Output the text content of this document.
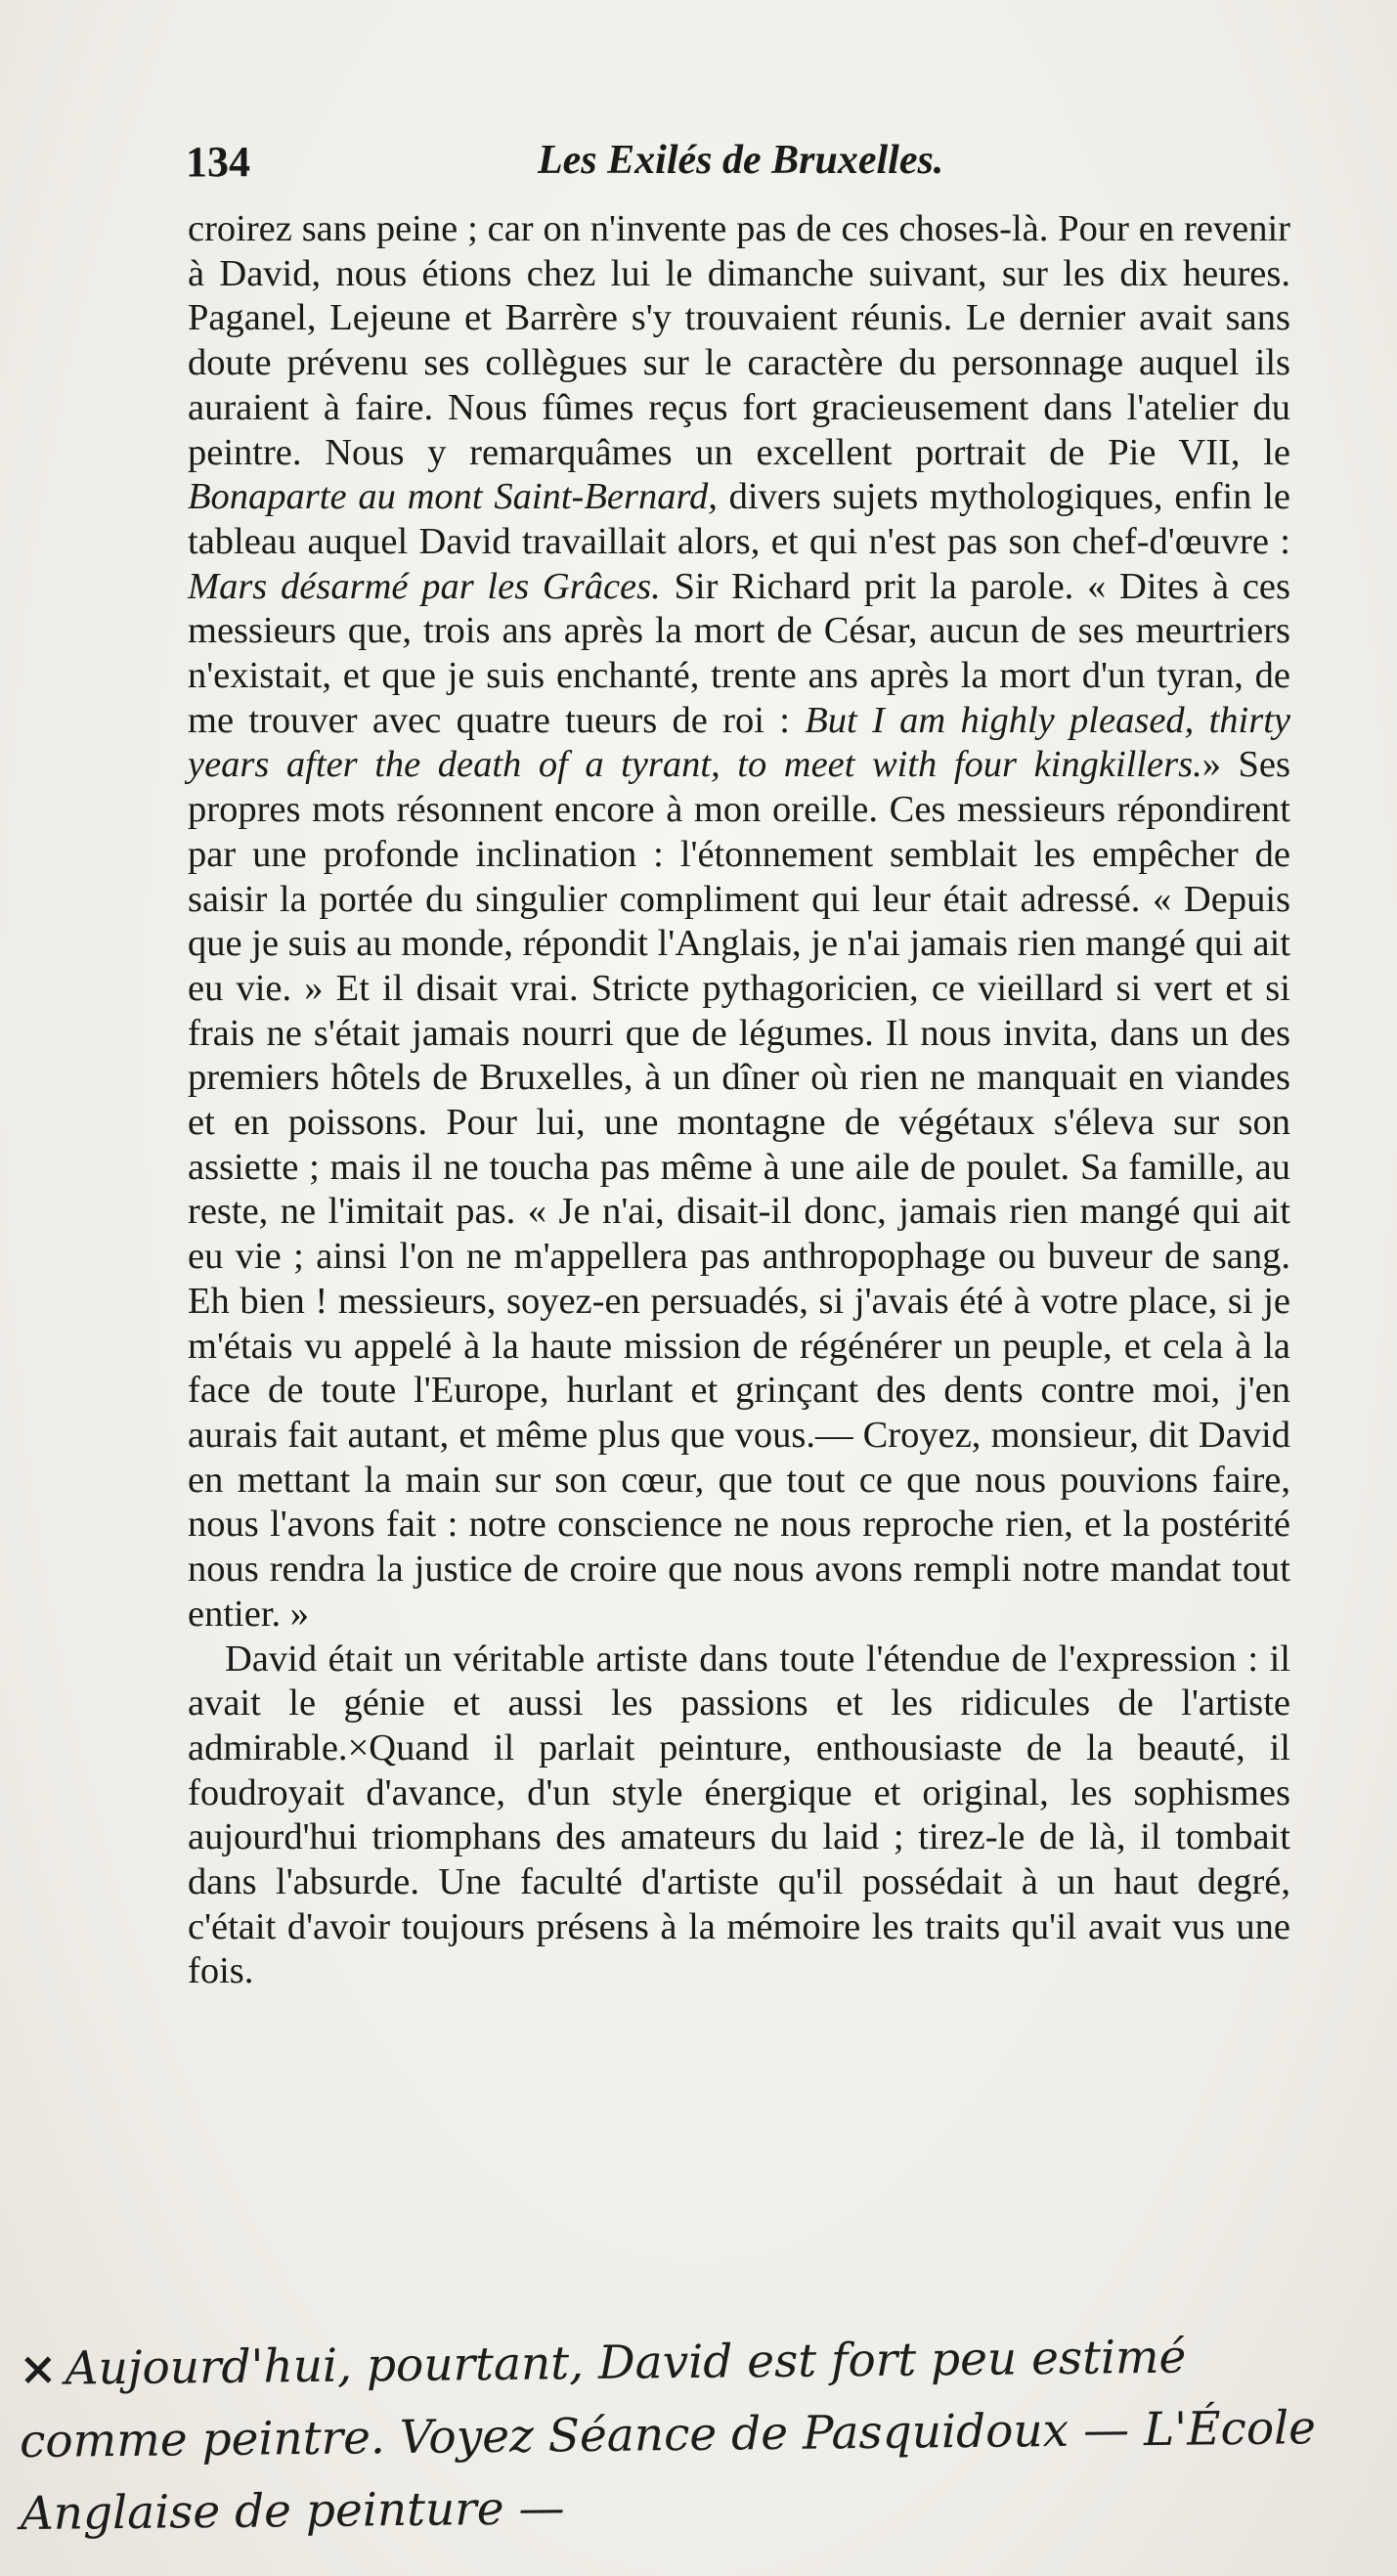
134	Les Exilés de Bruxelles.

croirez sans peine ; car on n'invente pas de ces choses-là. Pour en revenir à David, nous étions chez lui le dimanche suivant, sur les dix heures. Paganel, Lejeune et Barrère s'y trouvaient réunis. Le dernier avait sans doute prévenu ses collègues sur le caractère du personnage auquel ils auraient à faire. Nous fûmes reçus fort gracieusement dans l'atelier du peintre. Nous y remarquâmes un excellent portrait de Pie VII, le Bonaparte au mont Saint-Bernard, divers sujets mythologiques, enfin le tableau auquel David travaillait alors, et qui n'est pas son chef-d'œuvre : Mars désarmé par les Grâces. Sir Richard prit la parole. « Dites à ces messieurs que, trois ans après la mort de César, aucun de ses meurtriers n'existait, et que je suis enchanté, trente ans après la mort d'un tyran, de me trouver avec quatre tueurs de roi : But I am highly pleased, thirty years after the death of a tyrant, to meet with four kingkillers.» Ses propres mots résonnent encore à mon oreille. Ces messieurs répondirent par une profonde inclination : l'étonnement semblait les empêcher de saisir la portée du singulier compliment qui leur était adressé. « Depuis que je suis au monde, répondit l'Anglais, je n'ai jamais rien mangé qui ait eu vie. » Et il disait vrai. Stricte pythagoricien, ce vieillard si vert et si frais ne s'était jamais nourri que de légumes. Il nous invita, dans un des premiers hôtels de Bruxelles, à un dîner où rien ne manquait en viandes et en poissons. Pour lui, une montagne de végétaux s'éleva sur son assiette ; mais il ne toucha pas même à une aile de poulet. Sa famille, au reste, ne l'imitait pas. « Je n'ai, disait-il donc, jamais rien mangé qui ait eu vie ; ainsi l'on ne m'appellera pas anthropophage ou buveur de sang. Eh bien ! messieurs, soyez-en persuadés, si j'avais été à votre place, si je m'étais vu appelé à la haute mission de régénérer un peuple, et cela à la face de toute l'Europe, hurlant et grinçant des dents contre moi, j'en aurais fait autant, et même plus que vous.— Croyez, monsieur, dit David en mettant la main sur son cœur, que tout ce que nous pouvions faire, nous l'avons fait : notre conscience ne nous reproche rien, et la postérité nous rendra la justice de croire que nous avons rempli notre mandat tout entier. »

David était un véritable artiste dans toute l'étendue de l'expression : il avait le génie et aussi les passions et les ridicules de l'artiste admirable.×Quand il parlait peinture, enthousiaste de la beauté, il foudroyait d'avance, d'un style énergique et original, les sophismes aujourd'hui triomphans des amateurs du laid ; tirez-le de là, il tombait dans l'absurde. Une faculté d'artiste qu'il possédait à un haut degré, c'était d'avoir toujours présens à la mémoire les traits qu'il avait vus une fois.

× Aujourd'hui, pourtant, David est fort peu estimé comme peintre. Voyez Séance de Pasquidoux — L'École Anglaise de peinture —
